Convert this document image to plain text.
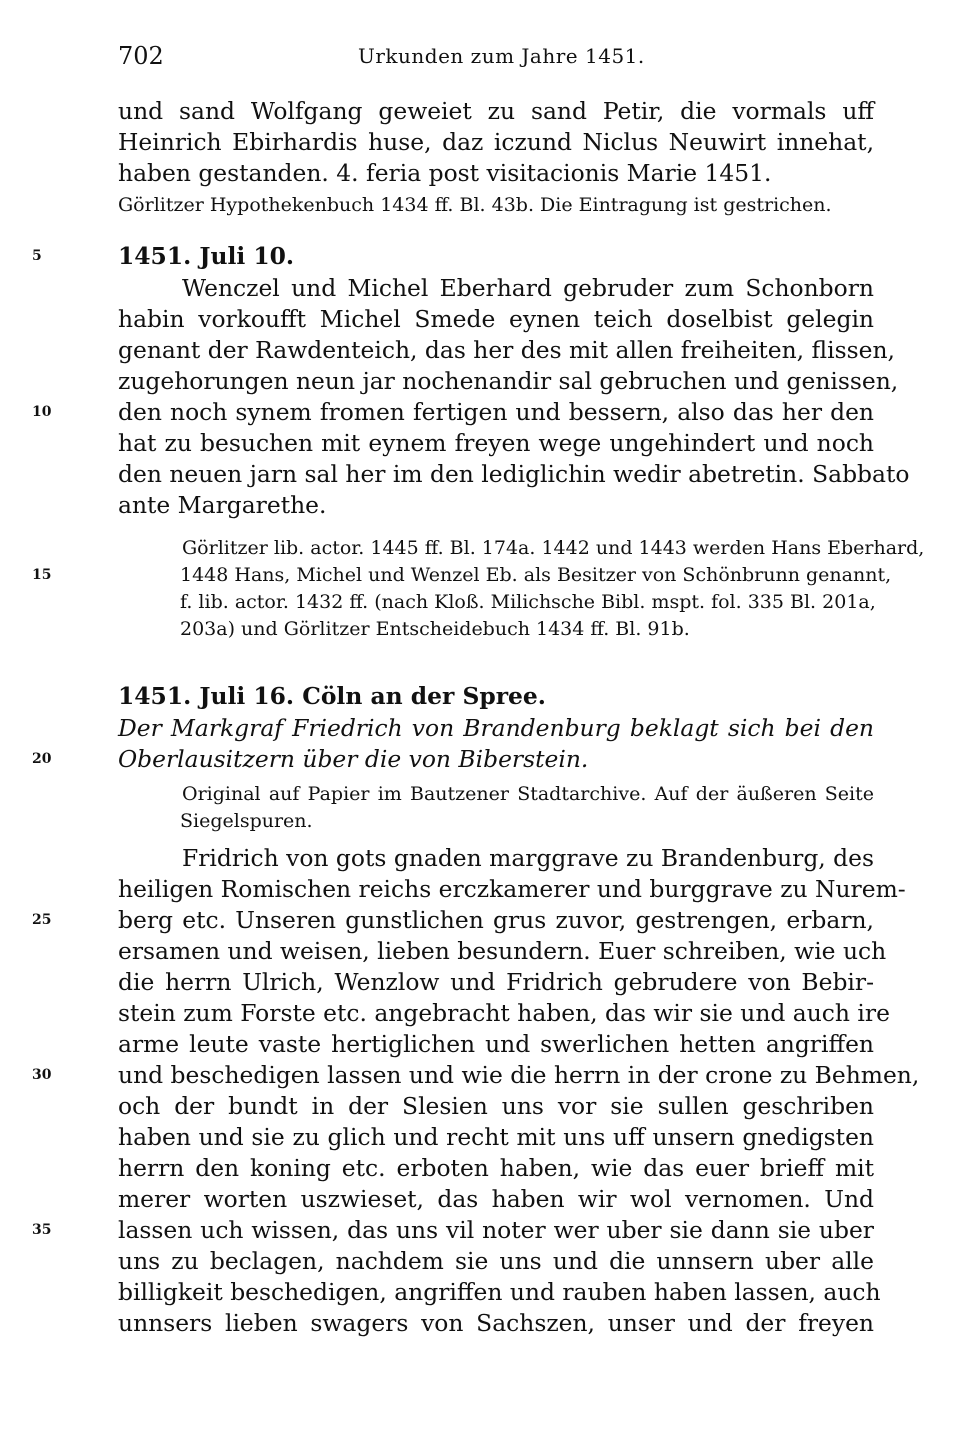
702	Urkunden zum Jahre 1451.
und sand Wolfgang geweiet zu sand Petir, die vormals uff
Heinrich Ebirhardis huse, daz iczund Niclus Neuwirt innehat,
haben gestanden. 4. feria post visitacionis Marie 1451.
Görlitzer Hypothekenbuch 1434 ff. Bl. 43b. Die Eintragung ist gestrichen.
5	1451. Juli 10.
Wenczel und Michel Eberhard gebruder zum Schonborn
habin vorkoufft Michel Smede eynen teich doselbist gelegin
genant der Rawdenteich, das her des mit allen freiheiten, flissen,
zugehorungen neun jar nochenandir sal gebruchen und genissen,
10	den noch synem fromen fertigen und bessern, also das her den
hat zu besuchen mit eynem freyen wege ungehindert und noch
den neuen jarn sal her im den lediglichin wedir abetretin. Sabbato
ante Margarethe.
Görlitzer lib. actor. 1445 ff. Bl. 174a. 1442 und 1443 werden Hans Eberhard,
15	1448 Hans, Michel und Wenzel Eb. als Besitzer von Schönbrunn genannt,
f. lib. actor. 1432 ff. (nach Kloß. Milichsche Bibl. mspt. fol. 335 Bl. 201a,
203a) und Görlitzer Entscheidebuch 1434 ff. Bl. 91b.
1451. Juli 16. Cöln an der Spree.
Der Markgraf Friedrich von Brandenburg beklagt sich bei den
20	Oberlausitzern über die von Biberstein.
Original auf Papier im Bautzener Stadtarchive. Auf der äußeren Seite
Siegelspuren.
Fridrich von gots gnaden marggrave zu Brandenburg, des
heiligen Romischen reichs erczkamerer und burggrave zu Nurem-
25	berg etc. Unseren gunstlichen grus zuvor, gestrengen, erbarn,
ersamen und weisen, lieben besundern. Euer schreiben, wie uch
die herrn Ulrich, Wenzlow und Fridrich gebrudere von Bebir-
stein zum Forste etc. angebracht haben, das wir sie und auch ire
arme leute vaste hertiglichen und swerlichen hetten angriffen
30	und beschedigen lassen und wie die herrn in der crone zu Behmen,
och der bundt in der Slesien uns vor sie sullen geschriben
haben und sie zu glich und recht mit uns uff unsern gnedigsten
herrn den koning etc. erboten haben, wie das euer brieff mit
merer worten uszwieset, das haben wir wol vernomen. Und
35	lassen uch wissen, das uns vil noter wer uber sie dann sie uber
uns zu beclagen, nachdem sie uns und die unnsern uber alle
billigkeit beschedigen, angriffen und rauben haben lassen, auch
unnsers lieben swagers von Sachszen, unser und der freyen
